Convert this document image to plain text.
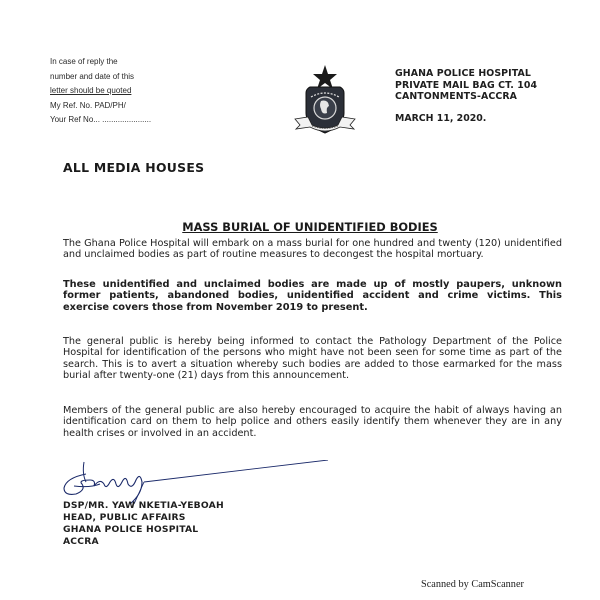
In case of reply the
number and date of this
letter should be quoted
My Ref. No. PAD/PH/
Your Ref No... ......................
GHANA POLICE HOSPITAL
PRIVATE MAIL BAG CT. 104
CANTONMENTS-ACCRA
MARCH 11, 2020.
ALL MEDIA HOUSES
MASS BURIAL OF UNIDENTIFIED BODIES
The Ghana Police Hospital will embark on a mass burial for one hundred and twenty (120) unidentified and unclaimed bodies as part of routine measures to decongest the hospital mortuary.
These unidentified and unclaimed bodies are made up of mostly paupers, unknown former patients, abandoned bodies, unidentified accident and crime victims. This exercise covers those from November 2019 to present.
The general public is hereby being informed to contact the Pathology Department of the Police Hospital for identification of the persons who might have not been seen for some time as part of the search. This is to avert a situation whereby such bodies are added to those earmarked for the mass burial after twenty-one (21) days from this announcement.
Members of the general public are also hereby encouraged to acquire the habit of always having an identification card on them to help police and others easily identify them whenever they are in any health crises or involved in an accident.
DSP/MR. YAW NKETIA-YEBOAH
HEAD, PUBLIC AFFAIRS
GHANA POLICE HOSPITAL
ACCRA
Scanned by CamScanner
